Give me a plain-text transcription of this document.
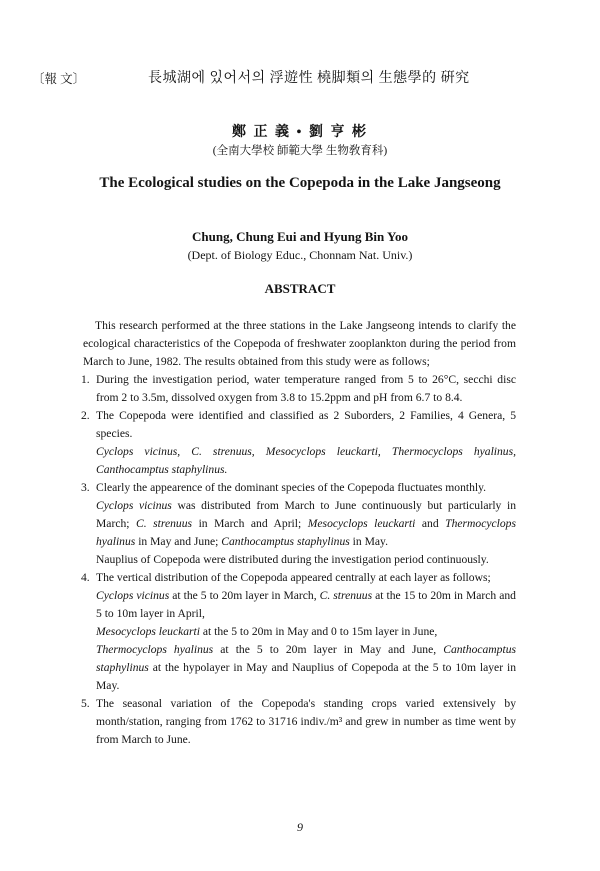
〔報 文〕	長城湖에 있어서의 浮遊性 橈脚類의 生態學的 硏究
鄭 正 義 • 劉 亨 彬
(全南大學校 師範大學 生物敎育科)
The Ecological studies on the Copepoda in the Lake Jangseong
Chung, Chung Eui and Hyung Bin Yoo
(Dept. of Biology Educ., Chonnam Nat. Univ.)
ABSTRACT

This research performed at the three stations in the Lake Jangseong intends to clarify the ecological characteristics of the Copepoda of freshwater zooplankton during the period from March to June, 1982. The results obtained from this study were as follows;

1. During the investigation period, water temperature ranged from 5 to 26°C, secchi disc from 2 to 3.5m, dissolved oxygen from 3.8 to 15.2ppm and pH from 6.7 to 8.4.

2. The Copepoda were identified and classified as 2 Suborders, 2 Families, 4 Genera, 5 species.

Cyclops vicinus, C. strenuus, Mesocyclops leuckarti, Thermocyclops hyalinus, Canthocamptus staphylinus.

3. Clearly the appearence of the dominant species of the Copepoda fluctuates monthly.

Cyclops vicinus was distributed from March to June continuously but particularly in March; C. strenuus in March and April; Mesocyclops leuckarti and Thermocyclops hyalinus in May and June; Canthocamptus staphylinus in May.

Nauplius of Copepoda were distributed during the investigation period continuously.

4. The vertical distribution of the Copepoda appeared centrally at each layer as follows;

Cyclops vicinus at the 5 to 20m layer in March, C. strenuus at the 15 to 20m in March and 5 to 10m layer in April,

Mesocyclops leuckarti at the 5 to 20m in May and 0 to 15m layer in June,

Thermocyclops hyalinus at the 5 to 20m layer in May and June, Canthocamptus staphylinus at the hypolayer in May and Nauplius of Copepoda at the 5 to 10m layer in May.

5. The seasonal variation of the Copepoda's standing crops varied extensively by month/station, ranging from 1762 to 31716 indiv./m³ and grew in number as time went by from March to June.

9
